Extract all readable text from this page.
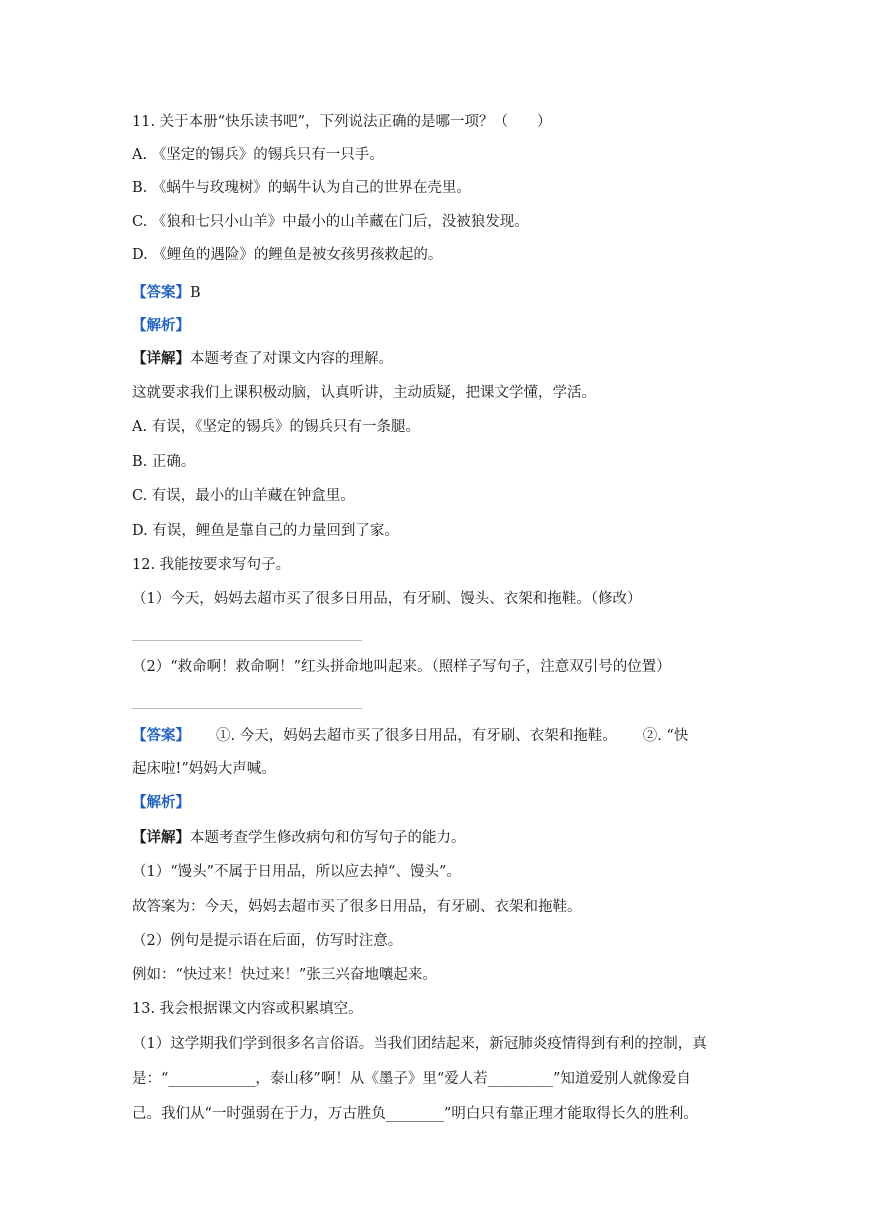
11. 关于本册“快乐读书吧”，下列说法正确的是哪一项？（　　）
A. 《坚定的锡兵》的锡兵只有一只手。
B. 《蜗牛与玫瑰树》的蜗牛认为自己的世界在壳里。
C. 《狼和七只小山羊》中最小的山羊藏在门后，没被狼发现。
D. 《鲤鱼的遇险》的鲤鱼是被女孩男孩救起的。
【答案】B
【解析】
【详解】本题考查了对课文内容的理解。
这就要求我们上课积极动脑，认真听讲，主动质疑，把课文学懂，学活。
A. 有误，《坚定的锡兵》的锡兵只有一条腿。
B. 正确。
C. 有误，最小的山羊藏在钟盒里。
D. 有误，鲤鱼是靠自己的力量回到了家。
12. 我能按要求写句子。
（1）今天，妈妈去超市买了很多日用品，有牙刷、馒头、衣架和拖鞋。（修改）
（2）“救命啊！救命啊！”红头拼命地叫起来。（照样子写句子，注意双引号的位置）
【答案】 ①. 今天，妈妈去超市买了很多日用品，有牙刷、衣架和拖鞋。 ②. “快
起床啦!”妈妈大声喊。
【解析】
【详解】本题考查学生修改病句和仿写句子的能力。
（1）“馒头”不属于日用品，所以应去掉“、馒头”。
故答案为：今天，妈妈去超市买了很多日用品，有牙刷、衣架和拖鞋。
（2）例句是提示语在后面，仿写时注意。
例如：“快过来！快过来！”张三兴奋地嚷起来。
13. 我会根据课文内容或积累填空。
（1）这学期我们学到很多名言俗语。当我们团结起来，新冠肺炎疫情得到有利的控制，真
是：“____________，泰山移”啊！从《墨子》里“爱人若_________”知道爱别人就像爱自
己。我们从“一时强弱在于力，万古胜负________”明白只有靠正理才能取得长久的胜利。
